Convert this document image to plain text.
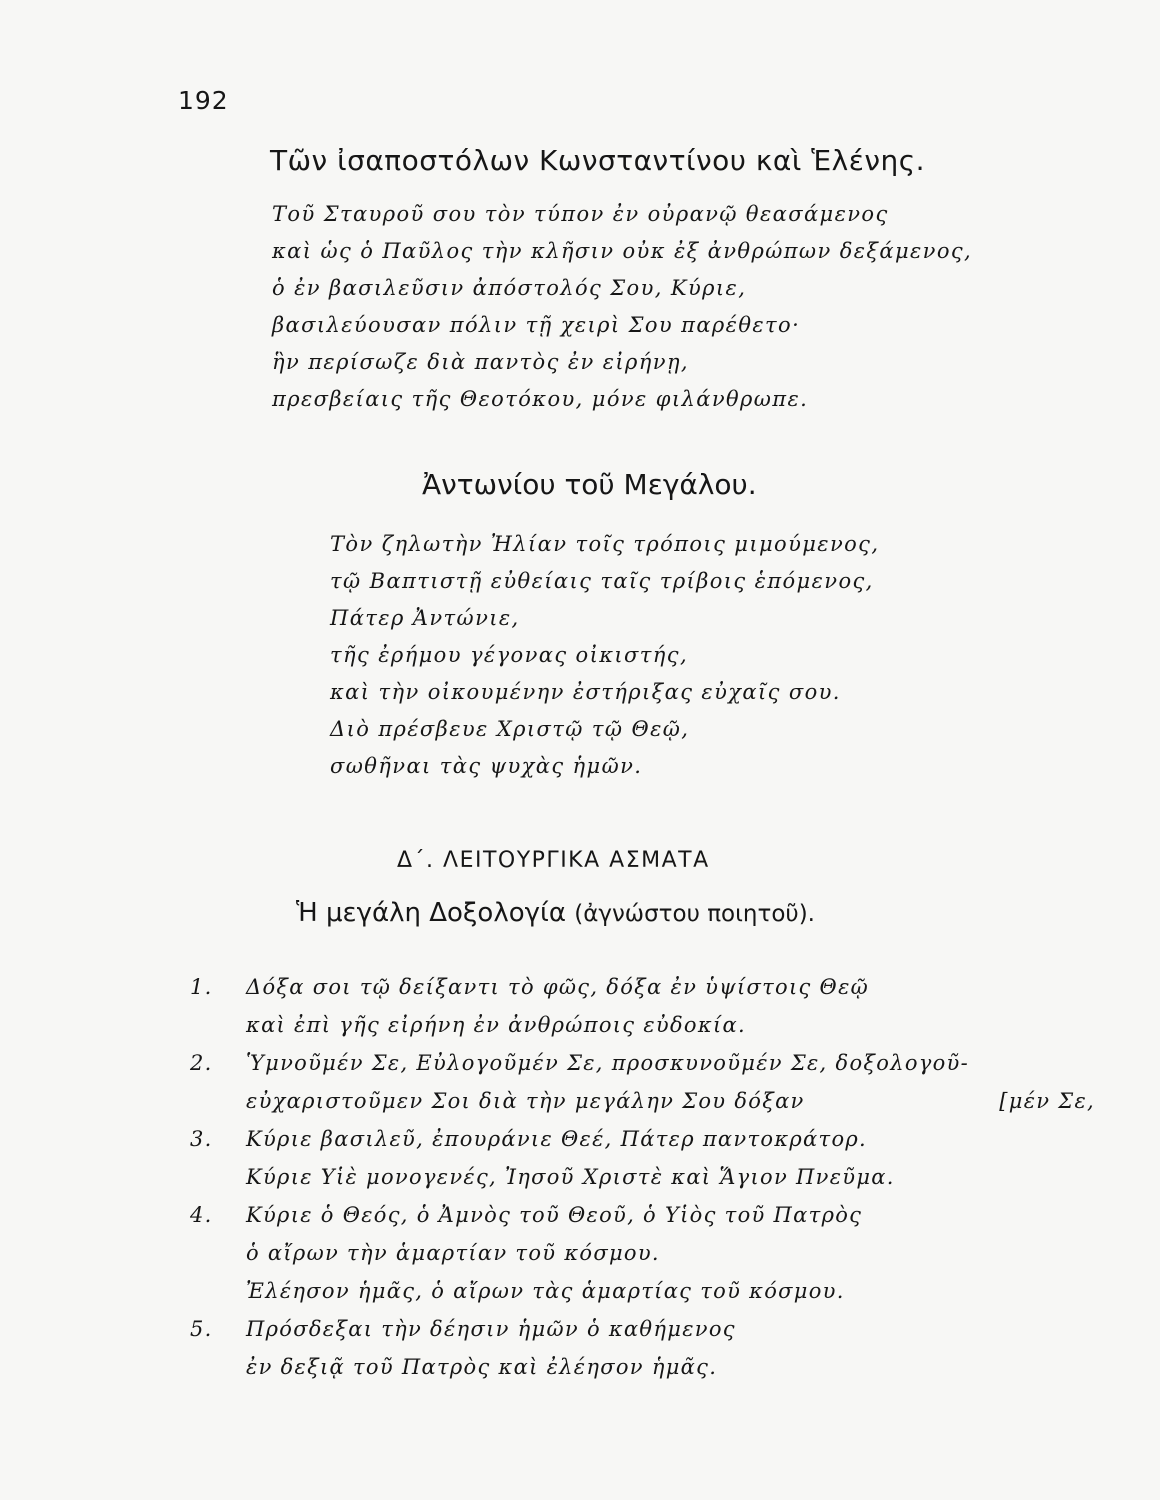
192
Τῶν ἰσαποστόλων Κωνσταντίνου καὶ Ἑλένης.
Τοῦ Σταυροῦ σου τὸν τύπον ἐν οὐρανῷ θεασάμενος
καὶ ὡς ὁ Παῦλος τὴν κλῆσιν οὐκ ἐξ ἀνθρώπων δεξάμενος,
ὁ ἐν βασιλεῦσιν ἀπόστολός Σου, Κύριε,
βασιλεύουσαν πόλιν τῇ χειρὶ Σου παρέθετο·
ἣν περίσωζε διὰ παντὸς ἐν εἰρήνῃ,
πρεσβείαις τῆς Θεοτόκου, μόνε φιλάνθρωπε.
Ἀντωνίου τοῦ Μεγάλου.
Τὸν ζηλωτὴν Ἠλίαν τοῖς τρόποις μιμούμενος,
τῷ Βαπτιστῇ εὐθείαις ταῖς τρίβοις ἑπόμενος,
Πάτερ Ἀντώνιε,
τῆς ἐρήμου γέγονας οἰκιστής,
καὶ τὴν οἰκουμένην ἐστήριξας εὐχαῖς σου.
Διὸ πρέσβευε Χριστῷ τῷ Θεῷ,
σωθῆναι τὰς ψυχὰς ἡμῶν.
Δ΄. ΛΕΙΤΟΥΡΓΙΚΑ ΑΣΜΑΤΑ
Ἡ μεγάλη Δοξολογία (ἀγνώστου ποιητοῦ).
1.	Δόξα σοι τῷ δείξαντι τὸ φῶς, δόξα ἐν ὑψίστοις Θεῷ
καὶ ἐπὶ γῆς εἰρήνη ἐν ἀνθρώποις εὐδοκία.
2.	Ὑμνοῦμέν Σε, Εὐλογοῦμέν Σε, προσκυνοῦμέν Σε, δοξολογοῦ-
εὐχαριστοῦμεν Σοι διὰ τὴν μεγάλην Σου δόξαν	[μέν Σε,
3.	Κύριε βασιλεῦ, ἐπουράνιε Θεέ, Πάτερ παντοκράτορ.
Κύριε Υἱὲ μονογενές, Ἰησοῦ Χριστὲ καὶ Ἅγιον Πνεῦμα.
4.	Κύριε ὁ Θεός, ὁ Ἀμνὸς τοῦ Θεοῦ, ὁ Υἱὸς τοῦ Πατρὸς
ὁ αἴρων τὴν ἁμαρτίαν τοῦ κόσμου.
Ἐλέησον ἡμᾶς, ὁ αἴρων τὰς ἁμαρτίας τοῦ κόσμου.
5.	Πρόσδεξαι τὴν δέησιν ἡμῶν ὁ καθήμενος
ἐν δεξιᾷ τοῦ Πατρὸς καὶ ἐλέησον ἡμᾶς.
